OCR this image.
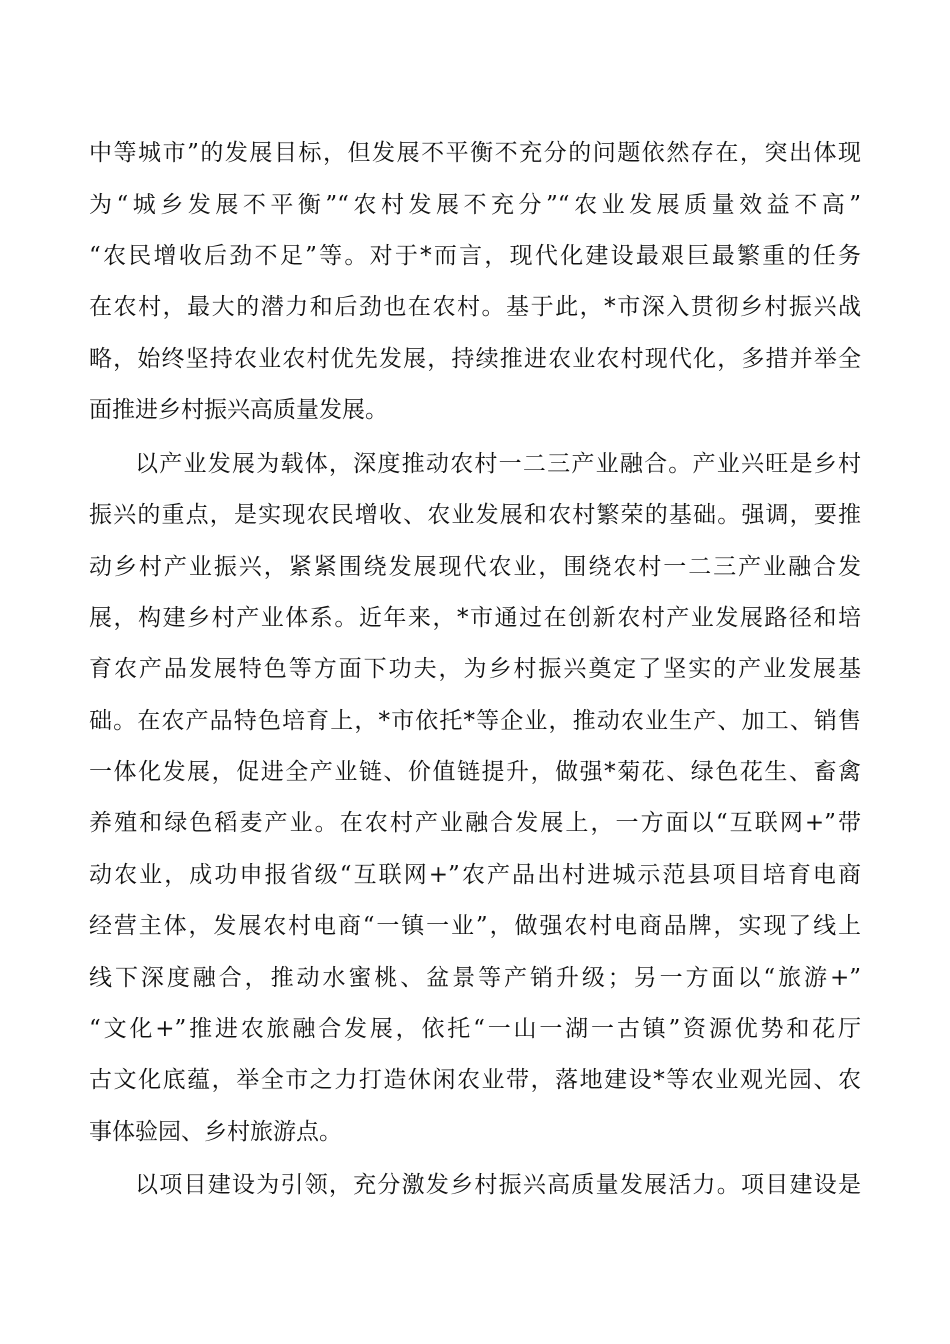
中等城市”的发展目标，但发展不平衡不充分的问题依然存在，突出体现
为“城乡发展不平衡”“农村发展不充分”“农业发展质量效益不高”
“农民增收后劲不足”等。对于*而言，现代化建设最艰巨最繁重的任务
在农村，最大的潜力和后劲也在农村。基于此，*市深入贯彻乡村振兴战
略，始终坚持农业农村优先发展，持续推进农业农村现代化，多措并举全
面推进乡村振兴高质量发展。
以产业发展为载体，深度推动农村一二三产业融合。产业兴旺是乡村
振兴的重点，是实现农民增收、农业发展和农村繁荣的基础。强调，要推
动乡村产业振兴，紧紧围绕发展现代农业，围绕农村一二三产业融合发
展，构建乡村产业体系。近年来，*市通过在创新农村产业发展路径和培
育农产品发展特色等方面下功夫，为乡村振兴奠定了坚实的产业发展基
础。在农产品特色培育上，*市依托*等企业，推动农业生产、加工、销售
一体化发展，促进全产业链、价值链提升，做强*菊花、绿色花生、畜禽
养殖和绿色稻麦产业。在农村产业融合发展上，一方面以“互联网+”带
动农业，成功申报省级“互联网+”农产品出村进城示范县项目培育电商
经营主体，发展农村电商“一镇一业”，做强农村电商品牌，实现了线上
线下深度融合，推动水蜜桃、盆景等产销升级；另一方面以“旅游+”
“文化+”推进农旅融合发展，依托“一山一湖一古镇”资源优势和花厅
古文化底蕴，举全市之力打造休闲农业带，落地建设*等农业观光园、农
事体验园、乡村旅游点。
以项目建设为引领，充分激发乡村振兴高质量发展活力。项目建设是
